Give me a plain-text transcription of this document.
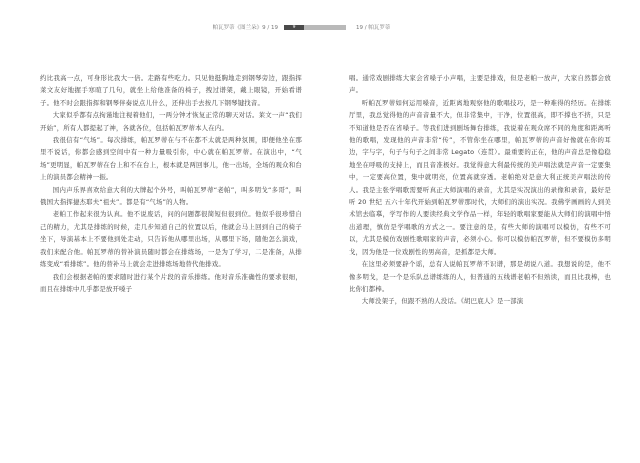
帕瓦罗蒂《图兰朵》9 / 19	9	19 / 帕瓦罗蒂

约比我高一点，可身形比我大一倍。走路有些吃力。只见他挺胸地走到钢琴旁边，跟指挥莱文友好地握手寒暄了几句，就坐上给他准备的椅子，拽过谱架，戴上眼镜，开始看谱子。他不时会跟指挥和钢琴伴奏说点儿什么，还伸出手去按几下钢琴键找音。

大家似乎都有点拘谨地注视着他们，一两分钟才恢复正常的聊天对话。莱文一声“我们开始”，所有人都提起了神，各就各位，包括帕瓦罗蒂本人在内。

我很信有“气场”。每次排练，帕瓦罗蒂在与不在都不太就是两种氛围，即便他坐在那里不说话，你都会感到空间中有一种力量吸引你，中心就在帕瓦罗蒂。在演出中，“气场”更明显，帕瓦罗蒂在台上和不在台上，根本就是两回事儿，他一出场，全场的观众和台上的演员都会精神一振。

国内声乐界喜欢给意大利的大牌起个外号，叫帕瓦罗蒂“老帕”，叫多明戈“多哥”，叫俄国大指挥捷杰耶夫“祖夫”。都是有“气场”的人物。

老帕工作起来很为认真。他不说废话，问的问题都很简短但很到位。他似乎很珍惜自己的精力，尤其是排练的时候，走几步知道自己的位置以后，他就会马上回到自己的椅子坐下，导演基本上不要他到处走动，只告诉他从哪里出场，从哪里下场，随他怎么演戏，我们来配合他。帕瓦罗蒂的替补演员随时都会在排练场，一是为了学习，二是准备，从排练变成“看排练”。他的替补马上就会走进排练场地替代他排戏。

我们会根据老帕的要求随时进行某个片段的音乐排练。他对音乐准确性的要求很细，而且在排练中几乎都是放开嗓子

唱。通常戏剧排练大家会省嗓子小声唱，主要是排戏，但是老帕一放声，大家自然都会放声。

听帕瓦罗蒂如何运用嗓音，近距离地观察他的歌唱技巧，是一种难得的经历。在排练厅里，我总觉得他的声音音量不大，但非常集中，干净，位置很高，即不撑也不挤，只是不知道他是否在省嗓子。等我们进到剧场舞台排练，我说着在观众席不同的角度和距离听他的歌唱，发现他的声音非常“传”，不管你坐在哪里，帕瓦罗蒂的声音好像就在你的耳边，字与字，句子与句子之间非常 Legato（连贯）。最重要的正在，他的声音总是像稳稳地坐在呼吸的支持上，而且音准极好。我觉得意大利最传统的美声唱法就是声音一定要集中，一定要高位置，集中就明亮，位置高就穿透。老帕绝对是意大利正统美声唱法的传人。我是主张学唱歌需要听真正大师演唱的录音，尤其是实况演出的录像和录音，最好是听 20 世纪 五六十年代开始到帕瓦罗蒂那时代，大师们的演出实况。我佛学画画的人到美术馆去临摹，学写作的人要读经典文学作品一样，年轻的歌唱家要能从大师们的演唱中悟出道理，慎仿是学唱歌的方式之一。要注意的是，有些大师的演唱可以模仿，有些不可以，尤其是模仿戏剧性歌唱家的声音，必须小心。你可以模仿帕瓦罗蒂，但不要模仿多明戈，因为他是一位戏剧性的男高音，是抓都是大师。

在这里必须要辟个谣，总有人说帕瓦罗蒂不识谱，那是胡说八道。我想说的是，他不像多明戈，是一个是乐队总谱练练的人，但普通的五线谱老帕不但熟读，而且比我棒，也比你们都棒。

大师没架子，但跟不熟的人没话。《胡巴底人》是一部演
